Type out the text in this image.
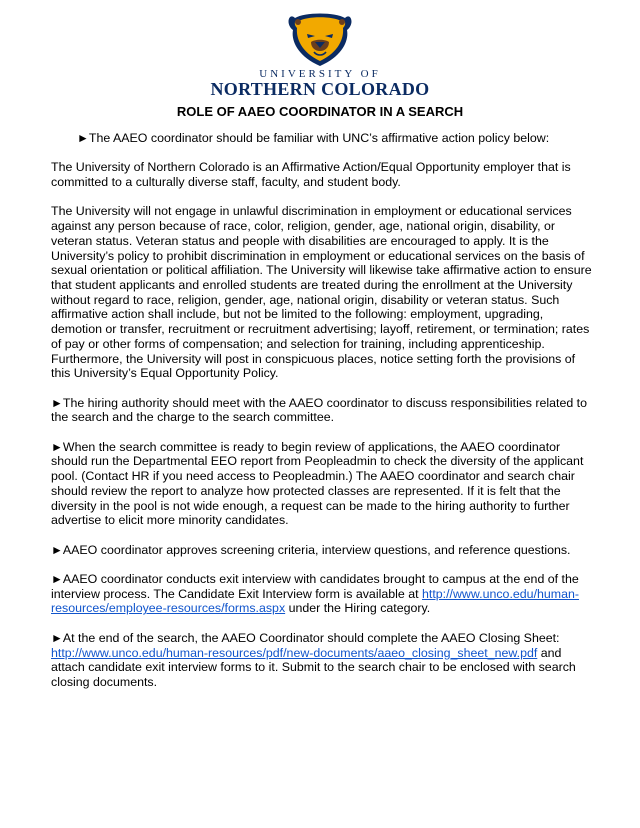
UNIVERSITY OF
NORTHERN COLORADO
ROLE OF AAEO COORDINATOR IN A SEARCH

►The AAEO coordinator should be familiar with UNC’s affirmative action policy below:

The University of Northern Colorado is an Affirmative Action/Equal Opportunity employer that is committed to a culturally diverse staff, faculty, and student body.

The University will not engage in unlawful discrimination in employment or educational services against any person because of race, color, religion, gender, age, national origin, disability, or veteran status. Veteran status and people with disabilities are encouraged to apply. It is the University’s policy to prohibit discrimination in employment or educational services on the basis of sexual orientation or political affiliation. The University will likewise take affirmative action to ensure that student applicants and enrolled students are treated during the enrollment at the University without regard to race, religion, gender, age, national origin, disability or veteran status. Such affirmative action shall include, but not be limited to the following: employment, upgrading, demotion or transfer, recruitment or recruitment advertising; layoff, retirement, or termination; rates of pay or other forms of compensation; and selection for training, including apprenticeship. Furthermore, the University will post in conspicuous places, notice setting forth the provisions of this University’s Equal Opportunity Policy.

►The hiring authority should meet with the AAEO coordinator to discuss responsibilities related to the search and the charge to the search committee.

►When the search committee is ready to begin review of applications, the AAEO coordinator should run the Departmental EEO report from Peopleadmin to check the diversity of the applicant pool. (Contact HR if you need access to Peopleadmin.) The AAEO coordinator and search chair should review the report to analyze how protected classes are represented. If it is felt that the diversity in the pool is not wide enough, a request can be made to the hiring authority to further advertise to elicit more minority candidates.

►AAEO coordinator approves screening criteria, interview questions, and reference questions.

►AAEO coordinator conducts exit interview with candidates brought to campus at the end of the interview process. The Candidate Exit Interview form is available at http://www.unco.edu/human-resources/employee-resources/forms.aspx under the Hiring category.

►At the end of the search, the AAEO Coordinator should complete the AAEO Closing Sheet: http://www.unco.edu/human-resources/pdf/new-documents/aaeo_closing_sheet_new.pdf and attach candidate exit interview forms to it. Submit to the search chair to be enclosed with search closing documents.
